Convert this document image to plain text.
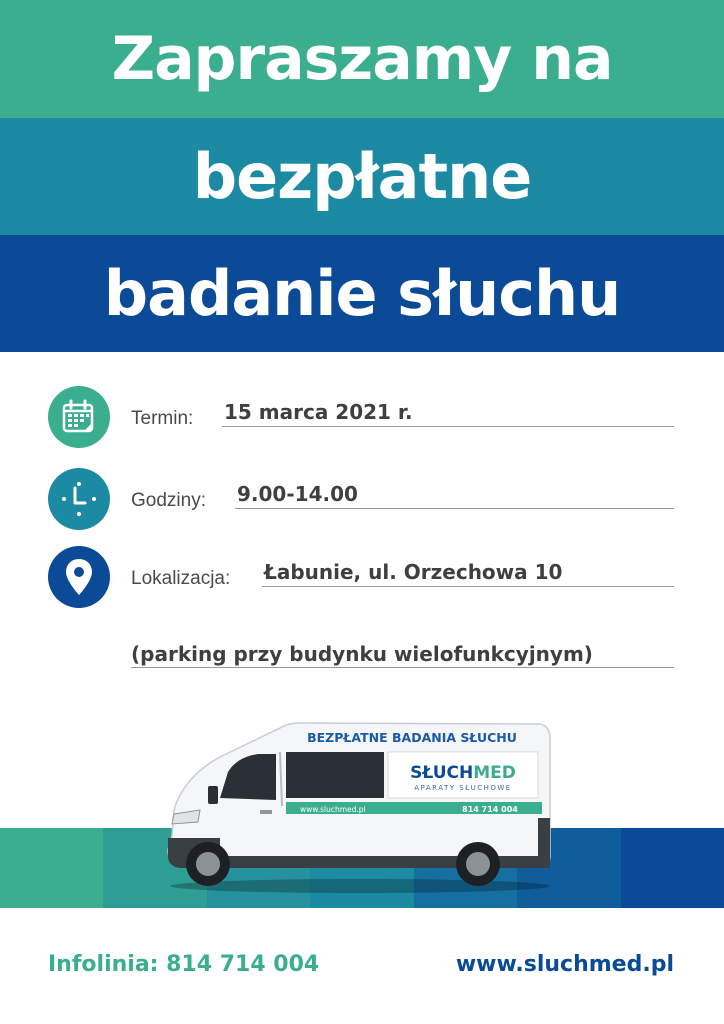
Zapraszamy na
bezpłatne
badanie słuchu
Termin: 15 marca 2021 r.
Godziny: 9.00-14.00
Lokalizacja: Łabunie, ul. Orzechowa 10
(parking przy budynku wielofunkcyjnym)
BEZPŁATNE BADANIA SŁUCHU
SŁUCHMED
APARATY SŁUCHOWE
www.sluchmed.pl	814 714 004
Infolinia: 814 714 004	www.sluchmed.pl
